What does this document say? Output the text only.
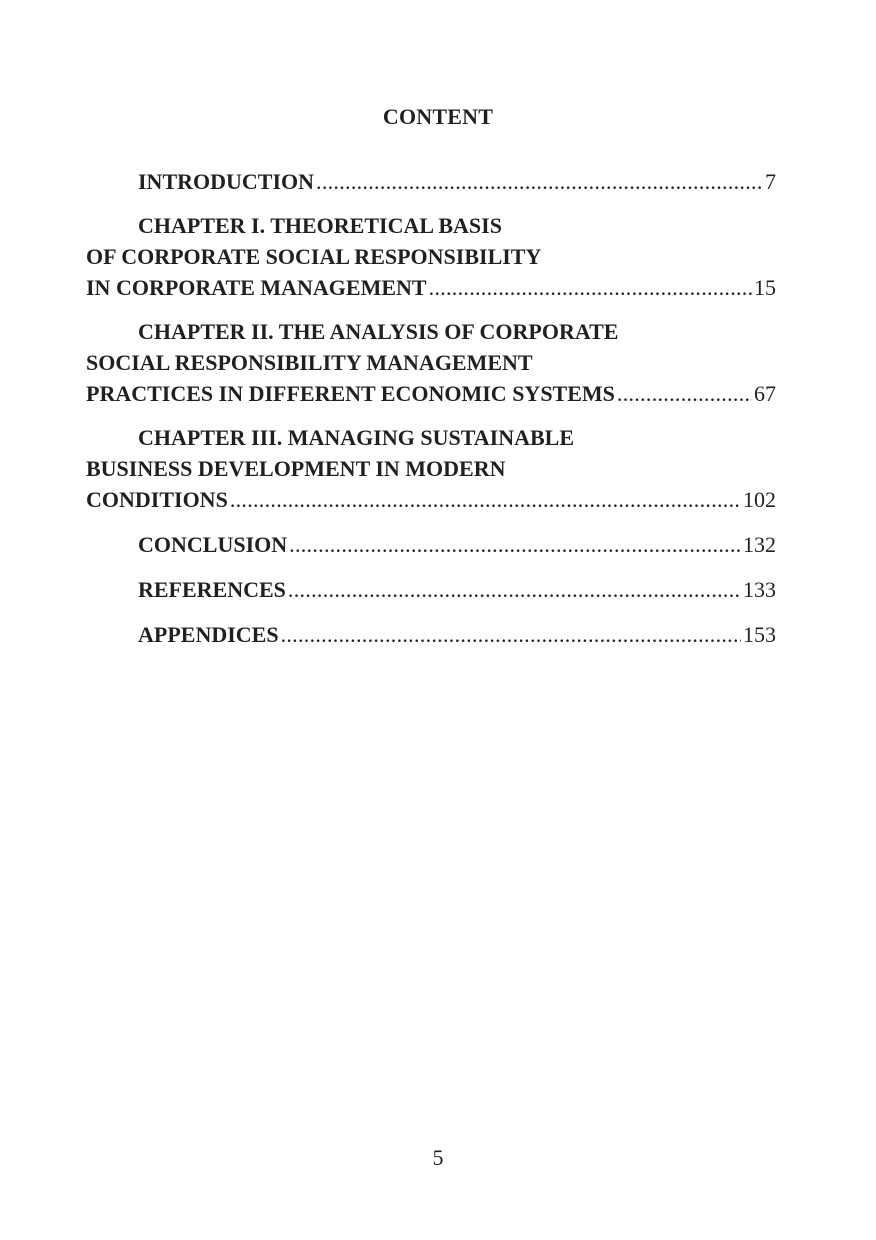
CONTENT
INTRODUCTION .....	7
CHAPTER I. THEORETICAL BASIS
OF CORPORATE SOCIAL RESPONSIBILITY
IN CORPORATE MANAGEMENT .....	15
CHAPTER II. THE ANALYSIS OF CORPORATE
SOCIAL RESPONSIBILITY MANAGEMENT
PRACTICES IN DIFFERENT ECONOMIC SYSTEMS .....	67
CHAPTER III. MANAGING SUSTAINABLE
BUSINESS DEVELOPMENT IN MODERN
CONDITIONS .....	102
CONCLUSION .....	132
REFERENCES .....	133
APPENDICES .....	153
5
